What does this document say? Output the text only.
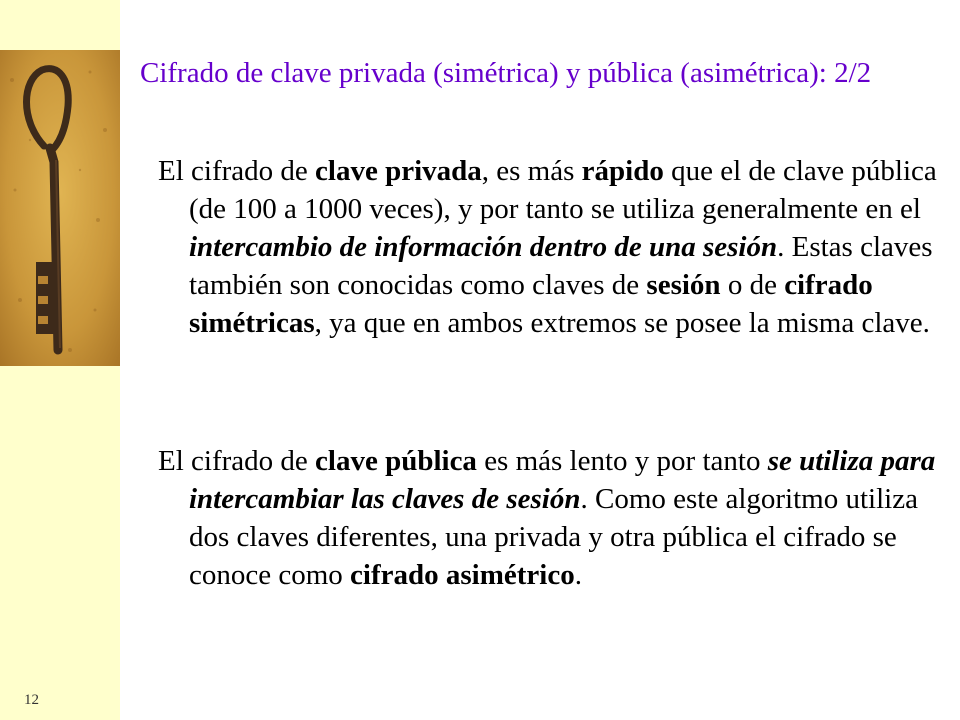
12
Cifrado de clave privada (simétrica) y pública (asimétrica): 2/2

El cifrado de clave privada, es más rápido que el de clave pública (de 100 a 1000 veces), y por tanto se utiliza generalmente en el intercambio de información dentro de una sesión. Estas claves también son conocidas como claves de sesión o de cifrado simétricas, ya que en ambos extremos se posee la misma clave.

El cifrado de clave pública es más lento y por tanto se utiliza para intercambiar las claves de sesión. Como este algoritmo utiliza dos claves diferentes, una privada y otra pública el cifrado se conoce como cifrado asimétrico.
